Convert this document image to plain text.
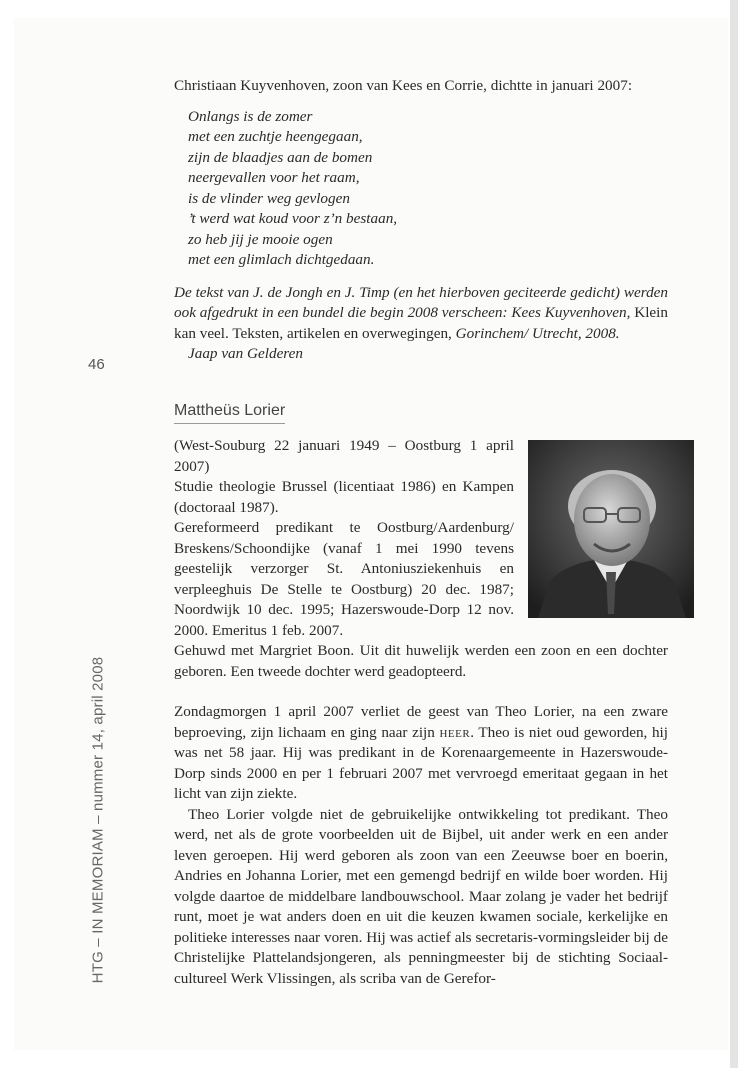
46
HTG – IN MEMORIAM – nummer 14, april 2008

Christiaan Kuyvenhoven, zoon van Kees en Corrie, dichtte in januari 2007:

Onlangs is de zomer
met een zuchtje heengegaan,
zijn de blaadjes aan de bomen
neergevallen voor het raam,
is de vlinder weg gevlogen
’t werd wat koud voor z’n bestaan,
zo heb jij je mooie ogen
met een glimlach dichtgedaan.

De tekst van J. de Jongh en J. Timp (en het hierboven geciteerde gedicht) werden ook afgedrukt in een bundel die begin 2008 verscheen: Kees Kuyvenhoven, Klein kan veel. Teksten, artikelen en overwegingen, Gorinchem/ Utrecht, 2008.

Jaap van Gelderen

Mattheüs Lorier

(West-Souburg 22 januari 1949 – Oostburg 1 april 2007)

Studie theologie Brussel (licentiaat 1986) en Kampen (doctoraal 1987).

Gereformeerd predikant te Oostburg/Aardenburg/ Breskens/Schoondijke (vanaf 1 mei 1990 tevens geestelijk verzorger St. Antoniusziekenhuis en verpleeghuis De Stelle te Oostburg) 20 dec. 1987; Noordwijk 10 dec. 1995; Hazerswoude-Dorp 12 nov. 2000. Emeritus 1 feb. 2007.

Gehuwd met Margriet Boon. Uit dit huwelijk werden een zoon en een dochter geboren. Een tweede dochter werd geadopteerd.

Zondagmorgen 1 april 2007 verliet de geest van Theo Lorier, na een zware beproeving, zijn lichaam en ging naar zijn heer. Theo is niet oud geworden, hij was net 58 jaar. Hij was predikant in de Korenaargemeente in Hazerswoude-Dorp sinds 2000 en per 1 februari 2007 met vervroegd emeritaat gegaan in het licht van zijn ziekte.

Theo Lorier volgde niet de gebruikelijke ontwikkeling tot predikant. Theo werd, net als de grote voorbeelden uit de Bijbel, uit ander werk en een ander leven geroepen. Hij werd geboren als zoon van een Zeeuwse boer en boerin, Andries en Johanna Lorier, met een gemengd bedrijf en wilde boer worden. Hij volgde daartoe de middelbare landbouwschool. Maar zolang je vader het bedrijf runt, moet je wat anders doen en uit die keuzen kwamen sociale, kerkelijke en politieke interesses naar voren. Hij was actief als secretaris-vormingsleider bij de Christelijke Plattelandsjongeren, als penningmeester bij de stichting Sociaal-cultureel Werk Vlissingen, als scriba van de Gerefor-
